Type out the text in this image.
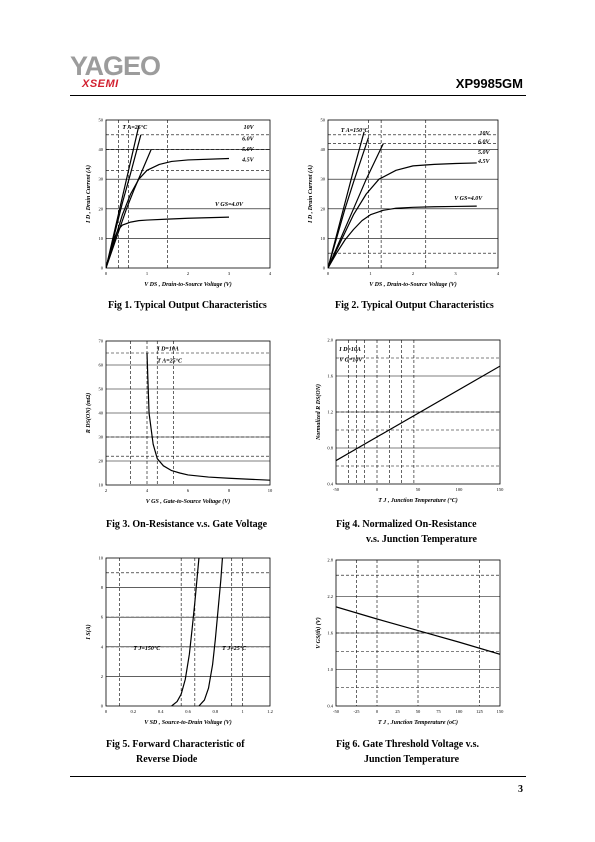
YAGEO
XSEMI	XP9985GM
0
10
20
30
40
50
0	1	2	3	4
T A=25°C	10V
6.0V
5.0V
4.5V
V GS=4.0V
V DS , Drain-to-Source Voltage (V)
I D , Drain Current (A)
Fig 1. Typical Output Characteristics
0
10
20
30
40
50
0	1	2	3	4
T A=150°C	10V
6.0V
5.0V
4.5V
V GS=4.0V
V DS , Drain-to-Source Voltage (V)
I D , Drain Current (A)
Fig 2. Typical Output Characteristics
10
20
30
40
50
60
70
2	4	6	8	10
I D=10A
T A=25°C
V GS , Gate-to-Source Voltage (V)
R DS(ON) (mΩ)
Fig 3. On-Resistance v.s. Gate Voltage
0.4
0.8
1.2
1.6
2.0
-50	0	50	100	150
I D=10A
V G=10V
T J , Junction Temperature (°C)
Normalized R DS(ON)
Fig 4. Normalized On-Resistance
v.s. Junction Temperature
0
2
4
6
8
10
0	0.2	0.4	0.6	0.8	1	1.2
T J=150°C	T J=25°C
V SD , Source-to-Drain Voltage (V)
I S(A)
Fig 5. Forward Characteristic of
Reverse Diode
0.4
1.0
1.6
2.2
2.8
-50	-25	0	25	50	75	100	125	150
T J , Junction Temperature (oC)
V GS(th) (V)
Fig 6. Gate Threshold Voltage v.s.
Junction Temperature
3
